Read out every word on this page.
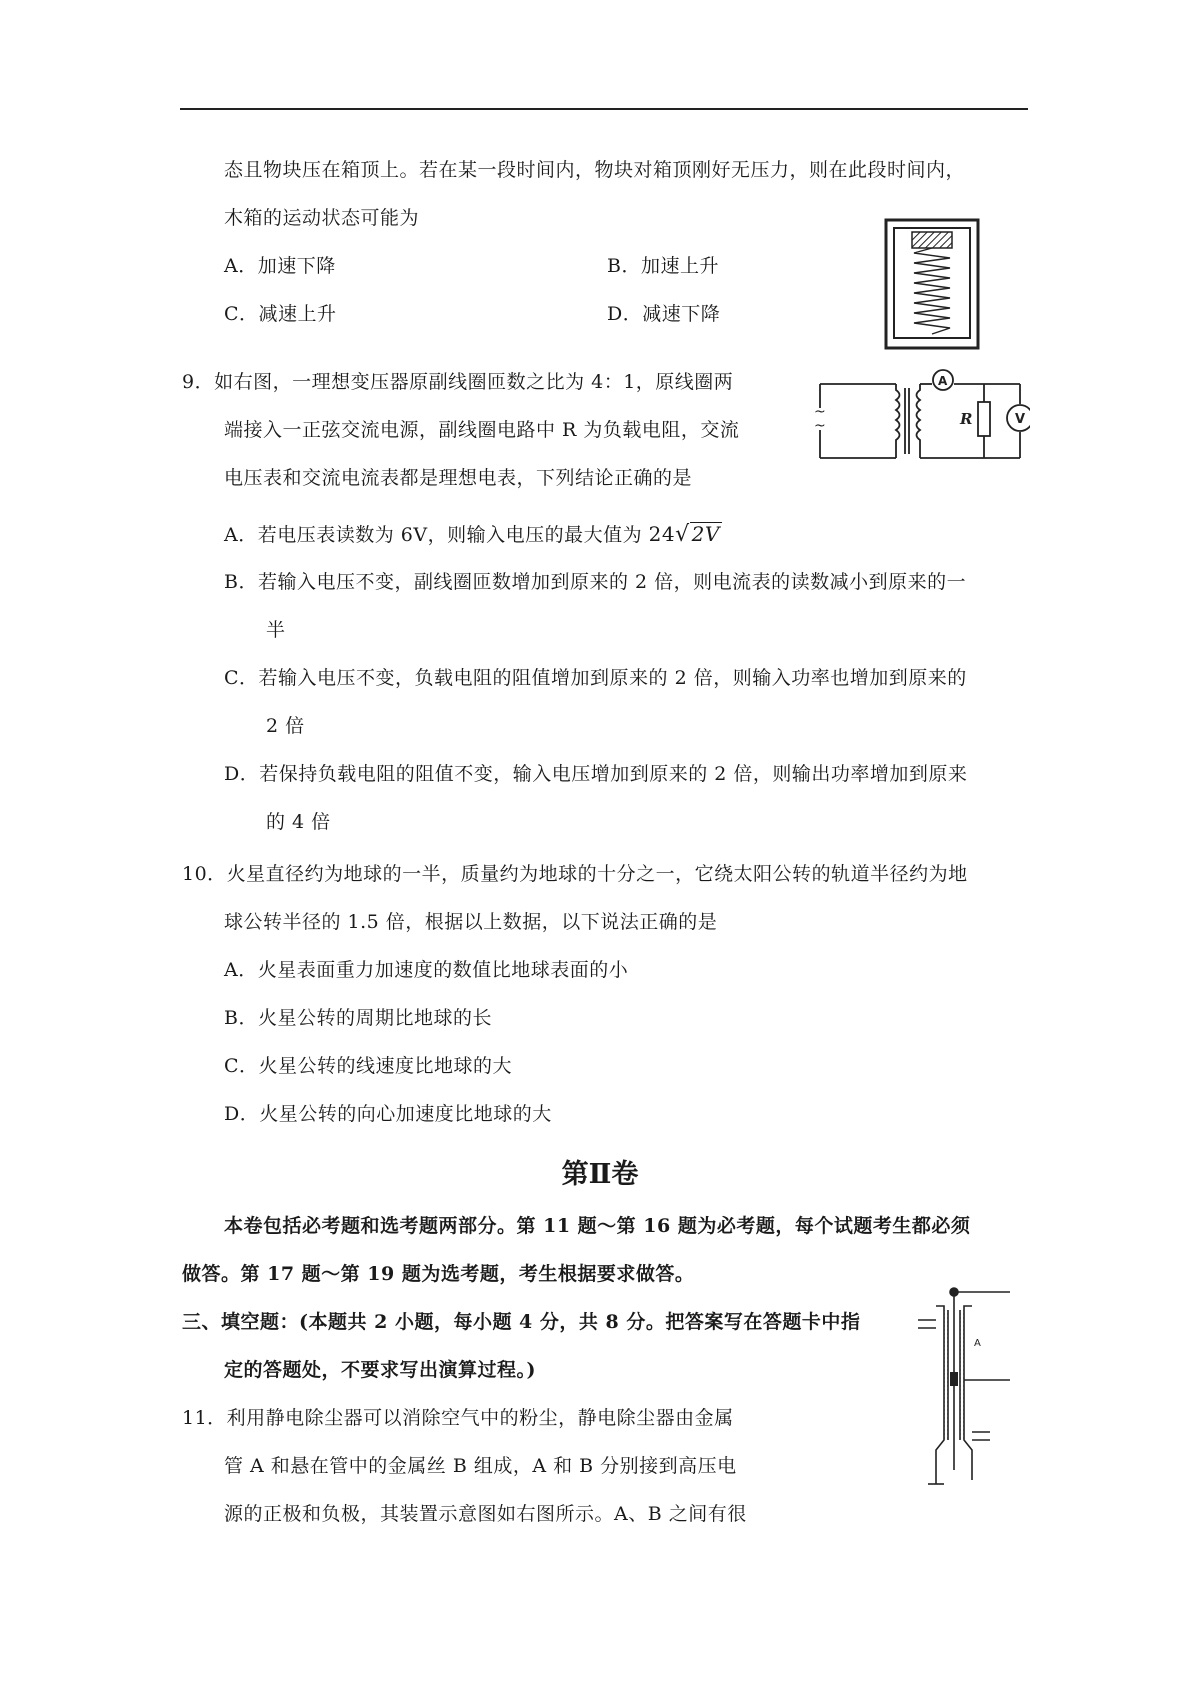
态且物块压在箱顶上。若在某一段时间内，物块对箱顶刚好无压力，则在此段时间内，
木箱的运动状态可能为
A．加速下降	B．加速上升
C．减速上升	D．减速下降
9．如右图，一理想变压器原副线圈匝数之比为 4：1，原线圈两
端接入一正弦交流电源，副线圈电路中 R 为负载电阻，交流
电压表和交流电流表都是理想电表，下列结论正确的是
~
~
A
V
R
A．若电压表读数为 6V，则输入电压的最大值为 24√ 2V
B．若输入电压不变，副线圈匝数增加到原来的 2 倍，则电流表的读数减小到原来的一
半
C．若输入电压不变，负载电阻的阻值增加到原来的 2 倍，则输入功率也增加到原来的
2 倍
D．若保持负载电阻的阻值不变，输入电压增加到原来的 2 倍，则输出功率增加到原来
的 4 倍
10．火星直径约为地球的一半，质量约为地球的十分之一，它绕太阳公转的轨道半径约为地
球公转半径的 1.5 倍，根据以上数据，以下说法正确的是
A．火星表面重力加速度的数值比地球表面的小
B．火星公转的周期比地球的长
C．火星公转的线速度比地球的大
D．火星公转的向心加速度比地球的大
第Ⅱ卷
本卷包括必考题和选考题两部分。第 11 题～第 16 题为必考题，每个试题考生都必须
做答。第 17 题～第 19 题为选考题，考生根据要求做答。
三、填空题：(本题共 2 小题，每小题 4 分，共 8 分。把答案写在答题卡中指
定的答题处，不要求写出演算过程。)
11．利用静电除尘器可以消除空气中的粉尘，静电除尘器由金属
管 A 和悬在管中的金属丝 B 组成，A 和 B 分别接到高压电
源的正极和负极，其装置示意图如右图所示。A、B 之间有很
A
